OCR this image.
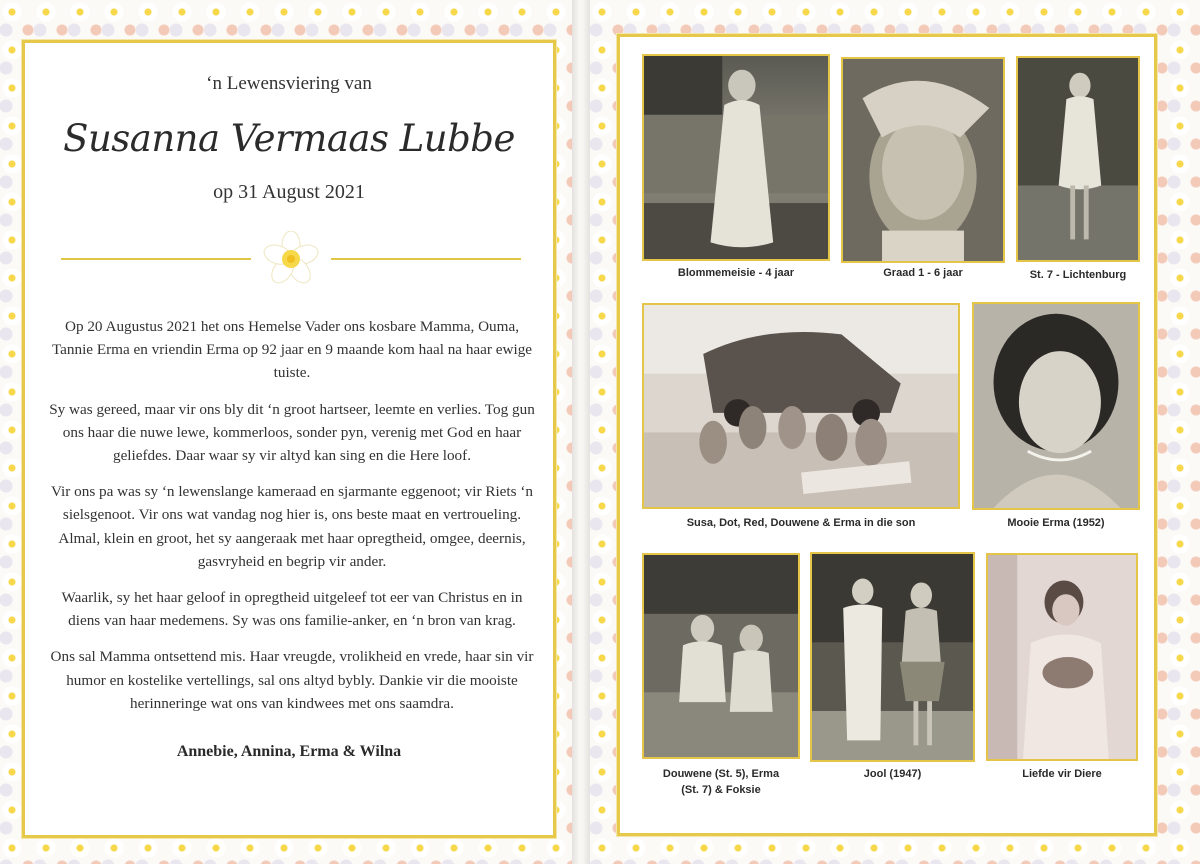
‘n Lewensviering van
Susanna Vermaas Lubbe
op 31 August 2021

Op 20 Augustus 2021 het ons Hemelse Vader ons kosbare Mamma, Ouma, Tannie Erma en vriendin Erma op 92 jaar en 9 maande kom haal na haar ewige tuiste.

Sy was gereed, maar vir ons bly dit ‘n groot hartseer, leemte en verlies. Tog gun ons haar die nuwe lewe, kommerloos, sonder pyn, verenig met God en haar geliefdes. Daar waar sy vir altyd kan sing en die Here loof.

Vir ons pa was sy ‘n lewenslange kameraad en sjarmante eggenoot; vir Riets ‘n sielsgenoot. Vir ons wat vandag nog hier is, ons beste maat en vertroueling. Almal, klein en groot, het sy aangeraak met haar opregtheid, omgee, deernis, gasvryheid en begrip vir ander.

Waarlik, sy het haar geloof in opregtheid uitgeleef tot eer van Christus en in diens van haar medemens. Sy was ons familie-anker, en ‘n bron van krag.

Ons sal Mamma ontsettend mis. Haar vreugde, vrolikheid en vrede, haar sin vir humor en kostelike vertellings, sal ons altyd bybly. Dankie vir die mooiste herinneringe wat ons van kindwees met ons saamdra.

Annebie, Annina, Erma & Wilna
Blommemeisie - 4 jaar	Graad 1 - 6 jaar	St. 7 - Lichtenburg
Susa, Dot, Red, Douwene & Erma in die son	Mooie Erma (1952)
Douwene (St. 5), Erma
(St. 7) & Foksie
Jool (1947)	Liefde vir Diere
